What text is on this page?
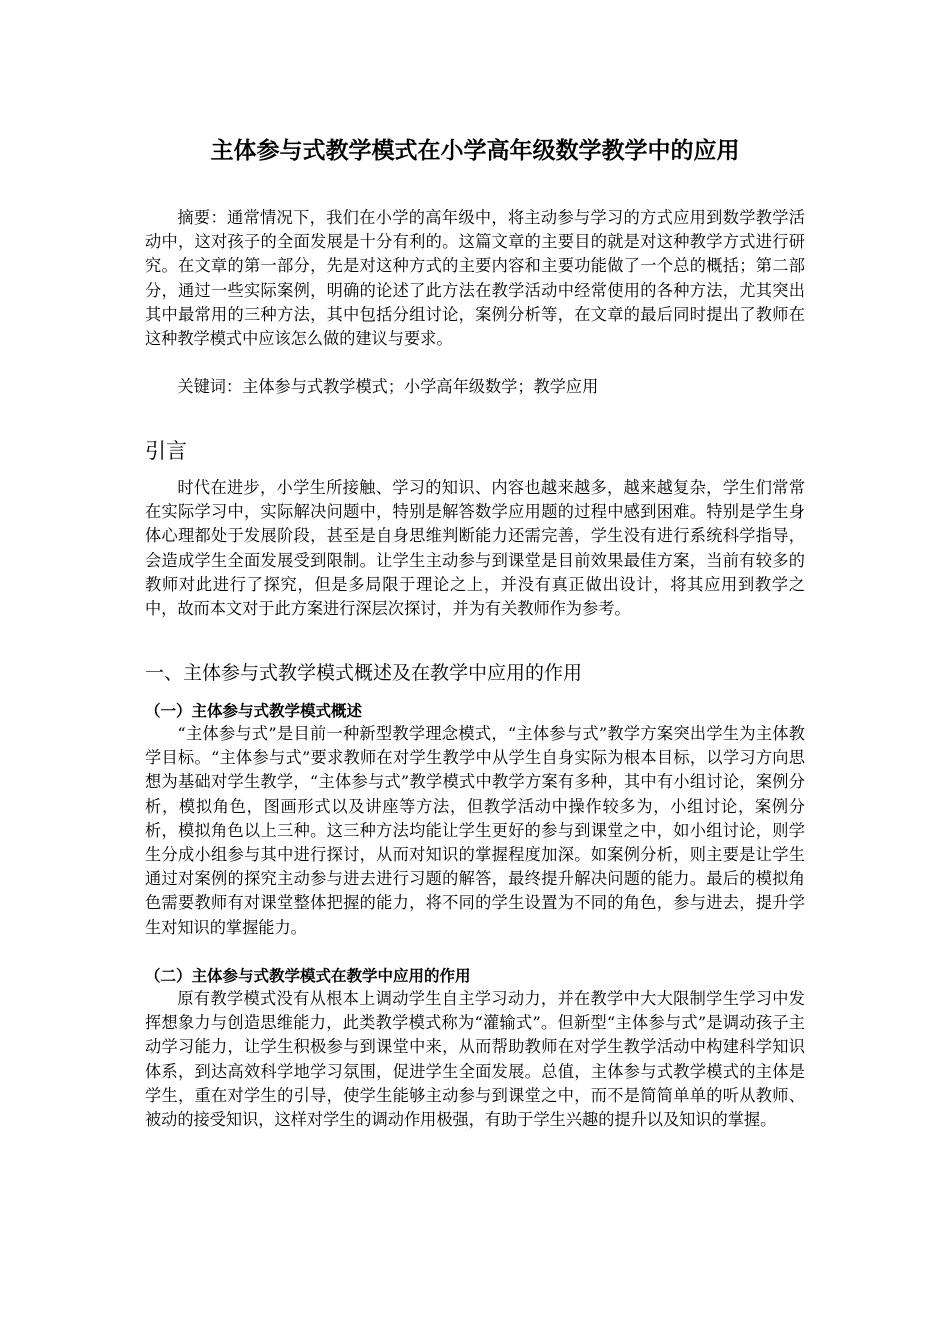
主体参与式教学模式在小学高年级数学教学中的应用

摘要：通常情况下，我们在小学的高年级中，将主动参与学习的方式应用到数学教学活动中，这对孩子的全面发展是十分有利的。这篇文章的主要目的就是对这种教学方式进行研究。在文章的第一部分，先是对这种方式的主要内容和主要功能做了一个总的概括；第二部分，通过一些实际案例，明确的论述了此方法在教学活动中经常使用的各种方法，尤其突出其中最常用的三种方法，其中包括分组讨论，案例分析等，在文章的最后同时提出了教师在这种教学模式中应该怎么做的建议与要求。

关键词：主体参与式教学模式；小学高年级数学；教学应用

引言

时代在进步，小学生所接触、学习的知识、内容也越来越多，越来越复杂，学生们常常在实际学习中，实际解决问题中，特别是解答数学应用题的过程中感到困难。特别是学生身体心理都处于发展阶段，甚至是自身思维判断能力还需完善，学生没有进行系统科学指导，会造成学生全面发展受到限制。让学生主动参与到课堂是目前效果最佳方案，当前有较多的教师对此进行了探究，但是多局限于理论之上，并没有真正做出设计，将其应用到教学之中，故而本文对于此方案进行深层次探讨，并为有关教师作为参考。

一、主体参与式教学模式概述及在教学中应用的作用
（一）主体参与式教学模式概述

“主体参与式”是目前一种新型教学理念模式，“主体参与式”教学方案突出学生为主体教学目标。“主体参与式”要求教师在对学生教学中从学生自身实际为根本目标，以学习方向思想为基础对学生教学，“主体参与式”教学模式中教学方案有多种，其中有小组讨论，案例分析，模拟角色，图画形式以及讲座等方法，但教学活动中操作较多为，小组讨论，案例分析，模拟角色以上三种。这三种方法均能让学生更好的参与到课堂之中，如小组讨论，则学生分成小组参与其中进行探讨，从而对知识的掌握程度加深。如案例分析，则主要是让学生通过对案例的探究主动参与进去进行习题的解答，最终提升解决问题的能力。最后的模拟角色需要教师有对课堂整体把握的能力，将不同的学生设置为不同的角色，参与进去，提升学生对知识的掌握能力。

（二）主体参与式教学模式在教学中应用的作用

原有教学模式没有从根本上调动学生自主学习动力，并在教学中大大限制学生学习中发挥想象力与创造思维能力，此类教学模式称为“灌输式”。但新型“主体参与式”是调动孩子主动学习能力，让学生积极参与到课堂中来，从而帮助教师在对学生教学活动中构建科学知识体系，到达高效科学地学习氛围，促进学生全面发展。总值，主体参与式教学模式的主体是学生，重在对学生的引导，使学生能够主动参与到课堂之中，而不是简简单单的听从教师、被动的接受知识，这样对学生的调动作用极强，有助于学生兴趣的提升以及知识的掌握。
